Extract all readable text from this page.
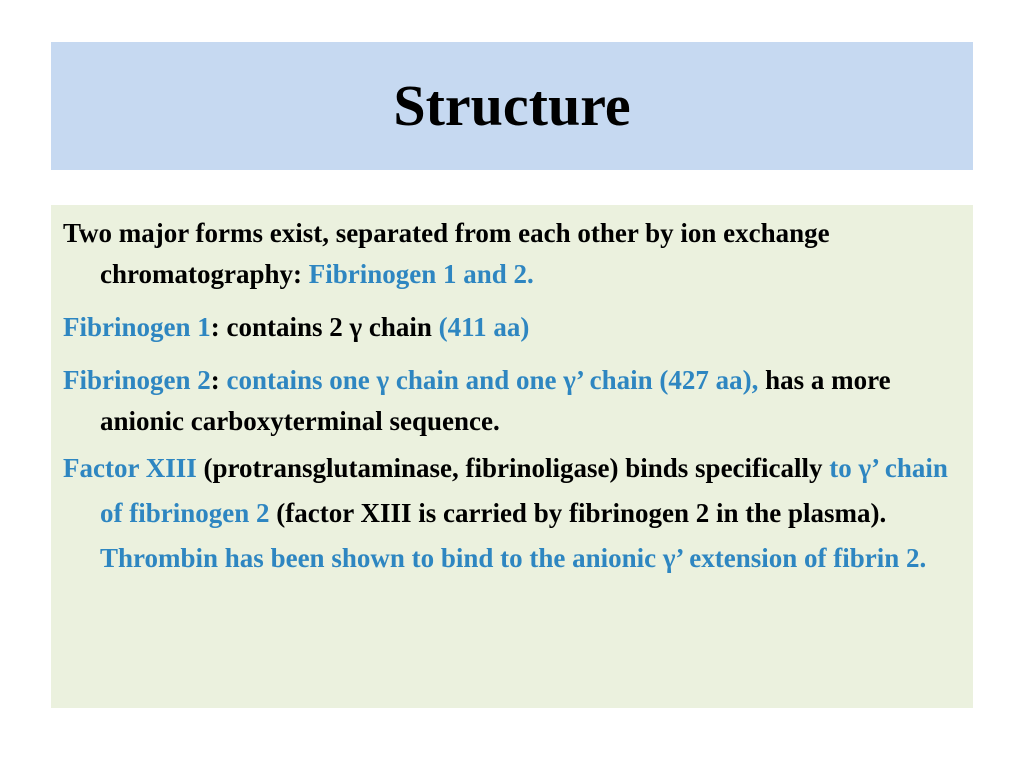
Structure
Two major forms exist, separated from each other by ion exchange chromatography: Fibrinogen 1 and 2.
Fibrinogen 1: contains 2 γ chain (411 aa)
Fibrinogen 2: contains one γ chain and one γ’ chain (427 aa), has a more anionic carboxyterminal sequence.
Factor XIII (protransglutaminase, fibrinoligase) binds specifically to γ’ chain of fibrinogen 2 (factor XIII is carried by fibrinogen 2 in the plasma). Thrombin has been shown to bind to the anionic γ’ extension of fibrin 2.
